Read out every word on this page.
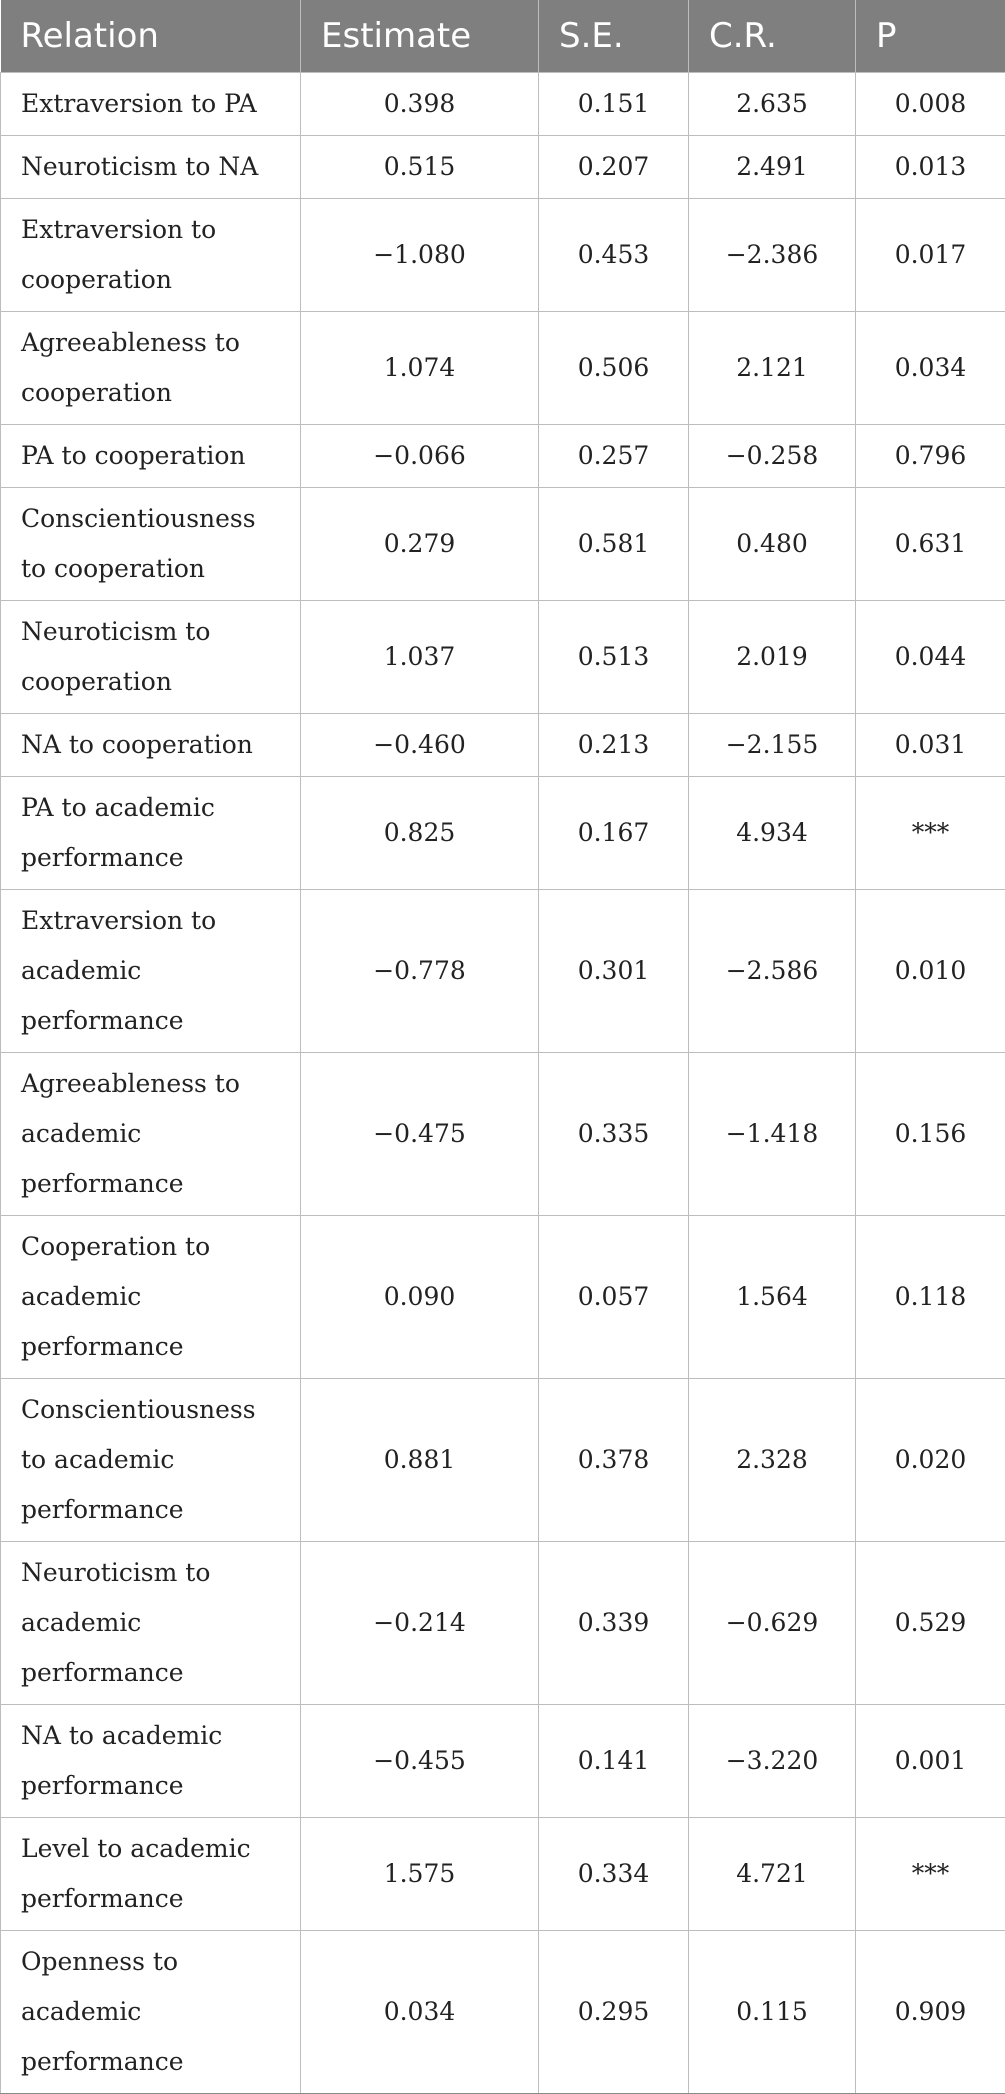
Relation	Estimate	S.E.	C.R.	P
Extraversion to PA	0.398	0.151	2.635	0.008
Neuroticism to NA	0.515	0.207	2.491	0.013
Extraversion to cooperation	−1.080	0.453	−2.386	0.017
Agreeableness to cooperation	1.074	0.506	2.121	0.034
PA to cooperation	−0.066	0.257	−0.258	0.796
Conscientiousness to cooperation	0.279	0.581	0.480	0.631
Neuroticism to cooperation	1.037	0.513	2.019	0.044
NA to cooperation	−0.460	0.213	−2.155	0.031
PA to academic performance	0.825	0.167	4.934	***
Extraversion to academic performance	−0.778	0.301	−2.586	0.010
Agreeableness to academic performance	−0.475	0.335	−1.418	0.156
Cooperation to academic performance	0.090	0.057	1.564	0.118
Conscientiousness to academic performance	0.881	0.378	2.328	0.020
Neuroticism to academic performance	−0.214	0.339	−0.629	0.529
NA to academic performance	−0.455	0.141	−3.220	0.001
Level to academic performance	1.575	0.334	4.721	***
Openness to academic performance	0.034	0.295	0.115	0.909
